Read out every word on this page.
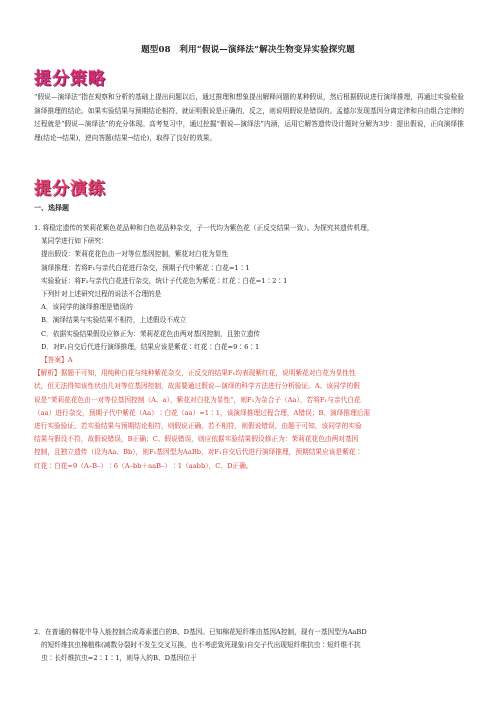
题型08　利用“假说—演绎法”解决生物变异实验探究题
提分策略
“假说—演绎法”指在观察和分析的基础上提出问题以后，通过推理和想象提出解释问题的某种假说，然后根据假说进行演绎推理，再通过实验检验演绎推理的结论。如果实验结果与预期结论相符，就证明假说是正确的，反之，则说明假说是错误的。孟德尔发现基因分离定律和自由组合定律的过程就是“假说—演绎法”的充分体现。高考复习中，通过挖掘“假说—演绎法”内涵，运用它解答遗传设计题时分解为3步：提出假说，正向演绎推理(结论→结果)，逆向答题(结果→结论)，取得了良好的效果。
提分演练
一、选择题
1. 将稳定遗传的茉莉花紫色花品种和白色花品种杂交，子一代均为紫色花（正反交结果一致）。为探究其遗传机理，
某同学进行如下研究：
提出假设：茉莉花花色由一对等位基因控制，紫花对白花为显性
演绎推理：若将F₁与亲代白花进行杂交，预期子代中紫花∶白花=1∶1
实验验证：将F₁与亲代白花进行杂交，统计子代花色为紫花∶红花∶白花=1∶2∶1
下列针对上述研究过程的说法不合理的是
A．该同学的演绎推理是错误的
B．演绎结果与实验结果不相符，上述假设不成立
C．依据实验结果假设应修正为：茉莉花花色由两对基因控制，且独立遗传
D．对F₁自交后代进行演绎推理，结果应该是紫花∶红花∶白花=9∶6∶1
【答案】A
【解析】据题干可知，用纯种白花与纯种紫花杂交，正反交的结果F₁均表现紫红花，说明紫花对白花为显性性
状，但无法得知该性状由几对等位基因控制，故需要通过假说—演绎的科学方法进行分析验证。A、该同学的假
说是“茉莉花花色由一对等位基因控制（A、a），紫花对白花为显性”，则F₁为杂合子（Aa），若将F₁与亲代白花
（aa）进行杂交，预期子代中紫花（Aa）∶白花（aa）=1∶1，该演绎推理过程合理，A错误；B、演绎推理后需
进行实验验证，若实验结果与预期结论相符，则假说正确，若不相符，则假说错误，由题干可知，该同学的实验
结果与假设不符，故假说错误，B正确；C、假说错误，则应依据实验结果假设修正为：茉莉花花色由两对基因
控制，且独立遗传（设为Aa、Bb），则F₁基因型为AaBb，对F₁自交后代进行演绎推理，预期结果应该是紫花∶
红花∶白花=9（A–B–）∶6（A–bb＋aaB–）∶1（aabb），C、D正确。
2．在普通的棉花中导入能控制合成毒素蛋白的B、D基因。已知棉花短纤维由基因A控制，现有一基因型为AaBD
的短纤维抗虫棉植株(减数分裂时不发生交叉互换，也不考虑致死现象)自交子代出现短纤维抗虫∶短纤维不抗
虫∶长纤维抗虫=2∶1∶1，则导入的B、D基因位于
